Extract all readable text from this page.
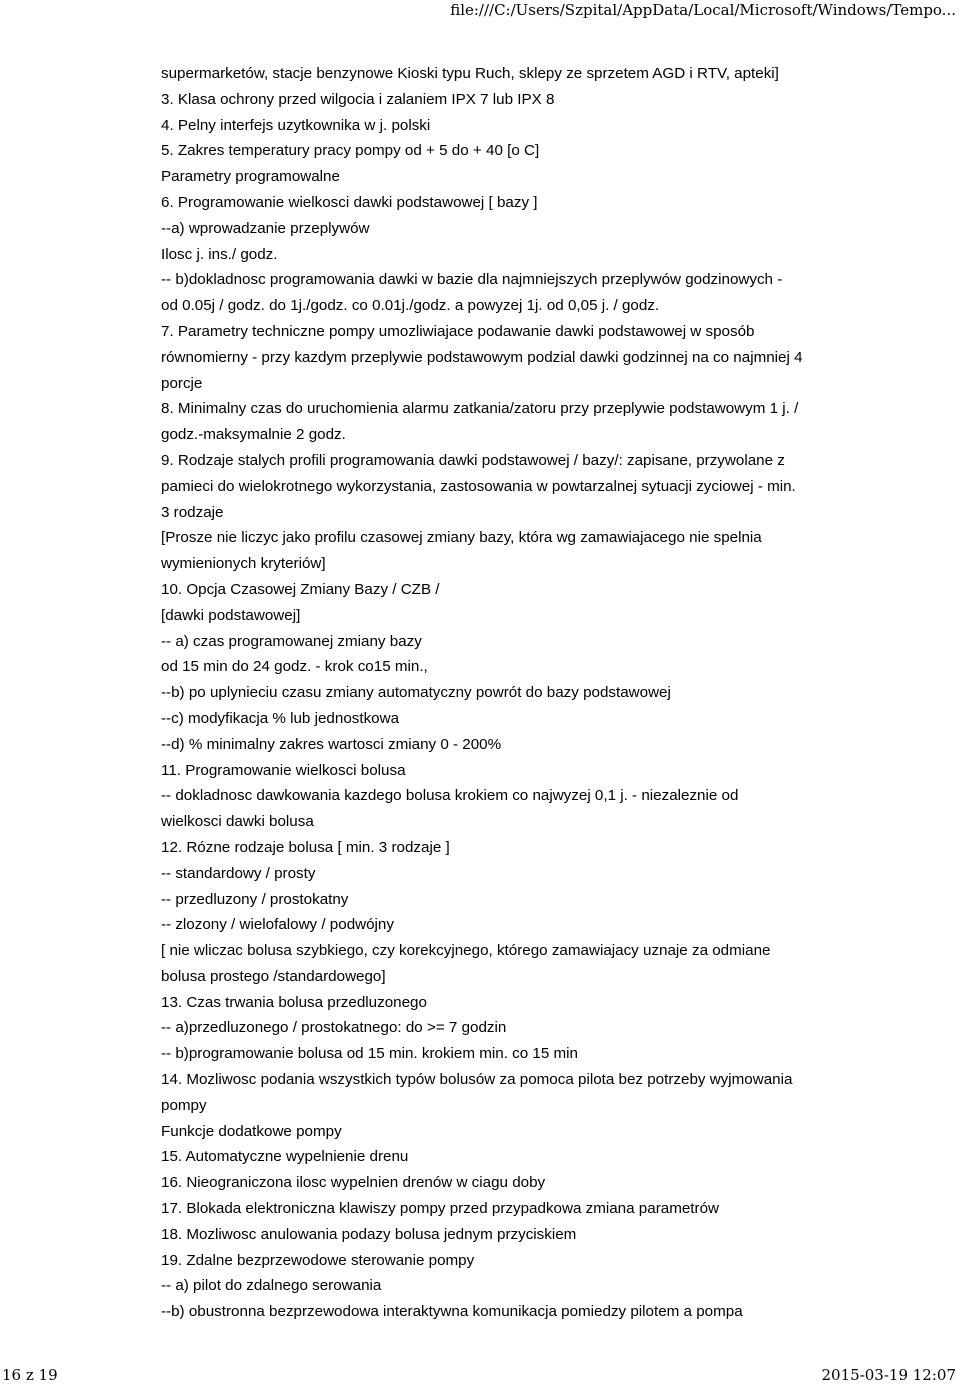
file:///C:/Users/Szpital/AppData/Local/Microsoft/Windows/Tempo...
supermarketów, stacje benzynowe Kioski typu Ruch, sklepy ze sprzetem AGD i RTV, apteki]
3. Klasa ochrony przed wilgocia i zalaniem IPX 7 lub IPX 8
4. Pelny interfejs uzytkownika w j. polski
5. Zakres temperatury pracy pompy od + 5 do + 40 [o C]
Parametry programowalne
6. Programowanie wielkosci dawki podstawowej [ bazy ]
--a) wprowadzanie przeplywów
Ilosc j. ins./ godz.
-- b)dokladnosc programowania dawki w bazie dla najmniejszych przeplywów godzinowych -
od 0.05j / godz. do 1j./godz. co 0.01j./godz. a powyzej 1j. od 0,05 j. / godz.
7. Parametry techniczne pompy umozliwiajace podawanie dawki podstawowej w sposób
równomierny - przy kazdym przeplywie podstawowym podzial dawki godzinnej na co najmniej 4
porcje
8. Minimalny czas do uruchomienia alarmu zatkania/zatoru przy przeplywie podstawowym 1 j. /
godz.-maksymalnie 2 godz.
9. Rodzaje stalych profili programowania dawki podstawowej / bazy/: zapisane, przywolane z
pamieci do wielokrotnego wykorzystania, zastosowania w powtarzalnej sytuacji zyciowej - min.
3 rodzaje
[Prosze nie liczyc jako profilu czasowej zmiany bazy, która wg zamawiajacego nie spelnia
wymienionych kryteriów]
10. Opcja Czasowej Zmiany Bazy / CZB /
[dawki podstawowej]
-- a) czas programowanej zmiany bazy
od 15 min do 24 godz. - krok co15 min.,
--b) po uplynieciu czasu zmiany automatyczny powrót do bazy podstawowej
--c) modyfikacja % lub jednostkowa
--d) % minimalny zakres wartosci zmiany 0 - 200%
11. Programowanie wielkosci bolusa
-- dokladnosc dawkowania kazdego bolusa krokiem co najwyzej 0,1 j. - niezaleznie od
wielkosci dawki bolusa
12. Rózne rodzaje bolusa [ min. 3 rodzaje ]
-- standardowy / prosty
-- przedluzony / prostokatny
-- zlozony / wielofalowy / podwójny
[ nie wliczac bolusa szybkiego, czy korekcyjnego, którego zamawiajacy uznaje za odmiane
bolusa prostego /standardowego]
13. Czas trwania bolusa przedluzonego
-- a)przedluzonego / prostokatnego: do >= 7 godzin
-- b)programowanie bolusa od 15 min. krokiem min. co 15 min
14. Mozliwosc podania wszystkich typów bolusów za pomoca pilota bez potrzeby wyjmowania
pompy
Funkcje dodatkowe pompy
15. Automatyczne wypelnienie drenu
16. Nieograniczona ilosc wypelnien drenów w ciagu doby
17. Blokada elektroniczna klawiszy pompy przed przypadkowa zmiana parametrów
18. Mozliwosc anulowania podazy bolusa jednym przyciskiem
19. Zdalne bezprzewodowe sterowanie pompy
-- a) pilot do zdalnego serowania
--b) obustronna bezprzewodowa interaktywna komunikacja pomiedzy pilotem a pompa
16 z 19	2015-03-19 12:07
